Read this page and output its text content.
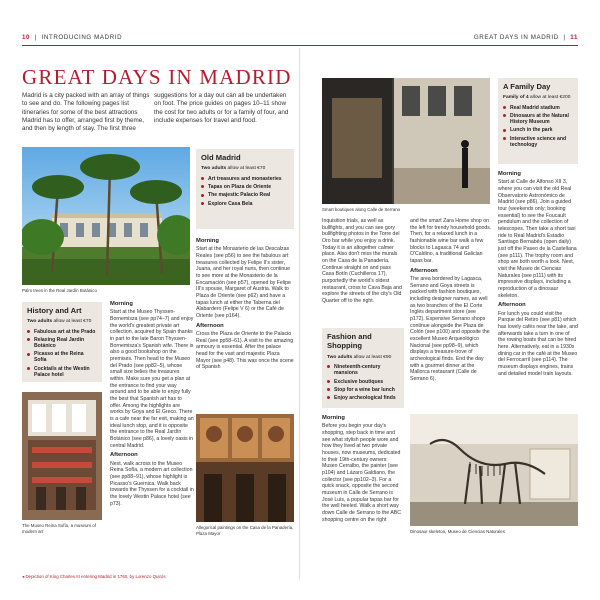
10  |  INTRODUCING MADRID	GREAT DAYS IN MADRID  |  11
GREAT DAYS IN MADRID
Madrid is a city packed with an array of things to see and do. The following pages list itineraries for some of the best attractions Madrid has to offer, arranged first by theme, and then by length of stay. The first three
suggestions for a day out can all be undertaken on foot. The price guides on pages 10–11 show the cost for two adults or for a family of four, and include expenses for travel and food.
Palm trees in the Real Jardín Botánico
Old Madrid
Two adults allow at least €70
Art treasures and monasteries
Tapas on Plaza de Oriente
The majestic Palacio Real
Explore Casa Bela
Morning

Start at the Monasterio de las Descalzas Reales (see p56) to see the fabulous art treasures collected by Felipe II's sister, Juana, and her royal nuns, then continue to see more at the Monasterio de la Encarnación (see p57), opened by Felipe III's spouse, Margaret of Austria. Walk to Plaza de Oriente (see p62) and have a tapas lunch at either the Taberna del Alabardero (Felipe V 6) or the Café de Oriente (see p164).

Afternoon

Cross the Plaza de Oriente to the Palacio Real (see pp58–61). A visit to the amazing armoury is essential. After the palace head for the vast and majestic Plaza Mayor (see p48). This was once the scene of Spanish

History and Art
Two adults allow at least €70
Fabulous art at the Prado
Relaxing Real Jardín Botánico
Picasso at the Reina Sofía
Cocktails at the Westin Palace hotel
Morning

Start at the Museo Thyssen-Bornemisza (see pp74–7) and enjoy the world's greatest private art collection, acquired by Spain thanks in part to the late Baron Thyssen-Bornemisza's Spanish wife. There is also a good bookshop on the premises. Then head to the Museo del Prado (see pp82–5), whose small size belies the treasures within. Make sure you get a plan at the entrance to find your way around and to be able to enjoy fully the best that Spanish art has to offer. Among the highlights are works by Goya and El Greco. There is a cafe near the far exit, making an ideal lunch stop, and it is opposite the entrance to the Real Jardín Botánico (see p86), a lovely oasis in central Madrid.

Afternoon

Next, walk across to the Museo Reina Sofía, a modern art collection (see pp88–91), whose highlight is Picasso's Guernica. Walk back towards the Thyssen for a cocktail in the lovely Westin Palace hotel (see p73).

The Museo Reina Sofía, a museum of modern art
Allegorical paintings on the Casa de la Panadería, Plaza Mayor
Smart boutiques along Calle de Serrano

Inquisition trials, as well as bullfights, and you can see gory bullfighting photos in the Torre del Oro bar while you enjoy a drink. Today it is an altogether calmer place. Also don't miss the murals on the Casa de la Panadería. Continue straight on and pass Casa Botín (Cuchilleros 17), purportedly the world's oldest restaurant, cross to Cava Baja and explore the streets of the city's Old Quarter off to the right.

Fashion and Shopping
Two adults allow at least €90
Nineteenth-century mansions
Exclusive boutiques
Stop for a wine bar lunch
Enjoy archeological finds
Morning

Before you begin your day's shopping, step back in time and see what stylish people wore and how they lived at two private houses, now museums, dedicated to their 19th-century owners: Museo Cerralbo, the painter (see p104) and Lázaro Galdiano, the collector (see pp102–3). For a quick snack, opposite the second museum in Calle de Serrano is José Luis, a popular tapas bar for the well heeled. Walk a short way down Calle de Serrano to the ABC shopping centre on the right

and the smart Zara Home shop on the left for trendy household goods. Then, for a relaxed lunch in a fashionable wine bar walk a few blocks to Lagasca 74 and O'Caldino, a traditional Galician tapas bar.

Afternoon

The area bordered by Lagasca, Serrano and Goya streets is packed with fashion boutiques, including designer names, as well as two branches of the El Corte Inglés department store (see p172). Expensive Serrano shops continue alongside the Plaza de Colón (see p100) and opposite the excellent Museo Arqueológico Nacional (see pp98–9), which displays a treasure-trove of archeological finds. End the day with a gourmet dinner at the Mallorca restaurant (Calle de Serrano 6).

A Family Day
Family of 4 allow at least €200
Real Madrid stadium
Dinosaurs at the Natural History Museum
Lunch in the park
Interactive science and technology
Morning

Start at Calle de Alfonso XII 3, where you can visit the old Real Observatorio Astronómico de Madrid (see p86). Join a guided tour (weekends only; booking essential) to see the Foucault pendulum and the collection of telescopes. Then take a short taxi ride to Real Madrid's Estadio Santiago Bernabéu (open daily) just off the Paseo de la Castellana (see p111). The trophy room and shop are both worth a look. Next, visit the Museo de Ciencias Naturales (see p111) with its impressive displays, including a reproduction of a dinosaur skeleton.

Afternoon

For lunch you could visit the Parque del Retiro (see p81) which has lovely cafés near the lake, and afterwards take a turn in one of the rowing boats that can be hired here. Alternatively, eat in a 1930s dining car in the café at the Museo del Ferrocarril (see p114). The museum displays engines, trains and detailed model train layouts.

Dinosaur skeleton, Museo de Ciencias Naturales
◂ Depiction of King Charles III entering Madrid in 1760, by Lorenzo Quirós
